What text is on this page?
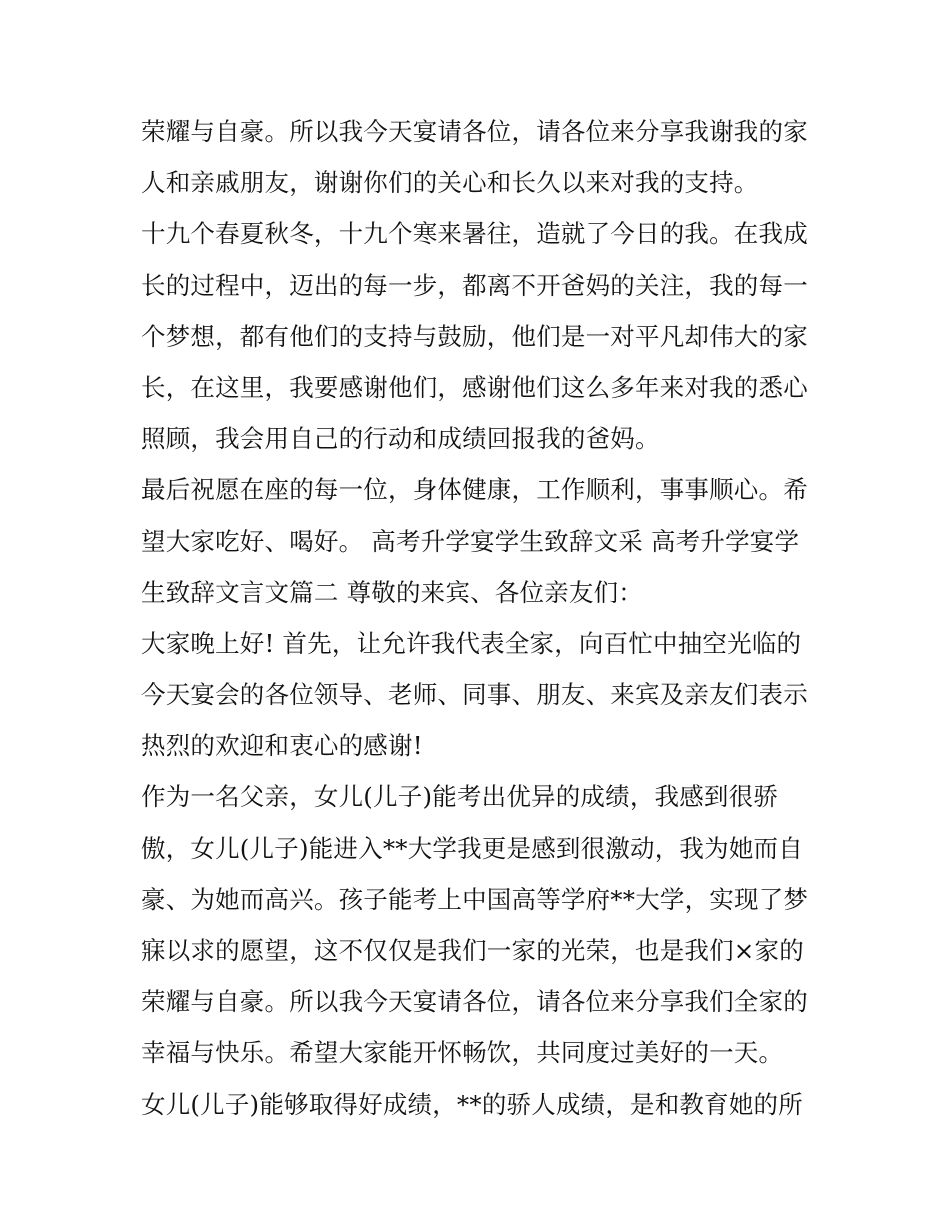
荣耀与自豪。所以我今天宴请各位，请各位来分享我谢我的家
人和亲戚朋友，谢谢你们的关心和长久以来对我的支持。
十九个春夏秋冬，十九个寒来暑往，造就了今日的我。在我成
长的过程中，迈出的每一步，都离不开爸妈的关注，我的每一
个梦想，都有他们的支持与鼓励，他们是一对平凡却伟大的家
长，在这里，我要感谢他们，感谢他们这么多年来对我的悉心
照顾，我会用自己的行动和成绩回报我的爸妈。
最后祝愿在座的每一位，身体健康，工作顺利，事事顺心。希
望大家吃好、喝好。 高考升学宴学生致辞文采 高考升学宴学
生致辞文言文篇二 尊敬的来宾、各位亲友们：
大家晚上好! 首先，让允许我代表全家，向百忙中抽空光临的
今天宴会的各位领导、老师、同事、朋友、来宾及亲友们表示
热烈的欢迎和衷心的感谢!
作为一名父亲，女儿(儿子)能考出优异的成绩，我感到很骄
傲，女儿(儿子)能进入**大学我更是感到很激动，我为她而自
豪、为她而高兴。孩子能考上中国高等学府**大学，实现了梦
寐以求的愿望，这不仅仅是我们一家的光荣，也是我们×家的
荣耀与自豪。所以我今天宴请各位，请各位来分享我们全家的
幸福与快乐。希望大家能开怀畅饮，共同度过美好的一天。
女儿(儿子)能够取得好成绩，**的骄人成绩，是和教育她的所
